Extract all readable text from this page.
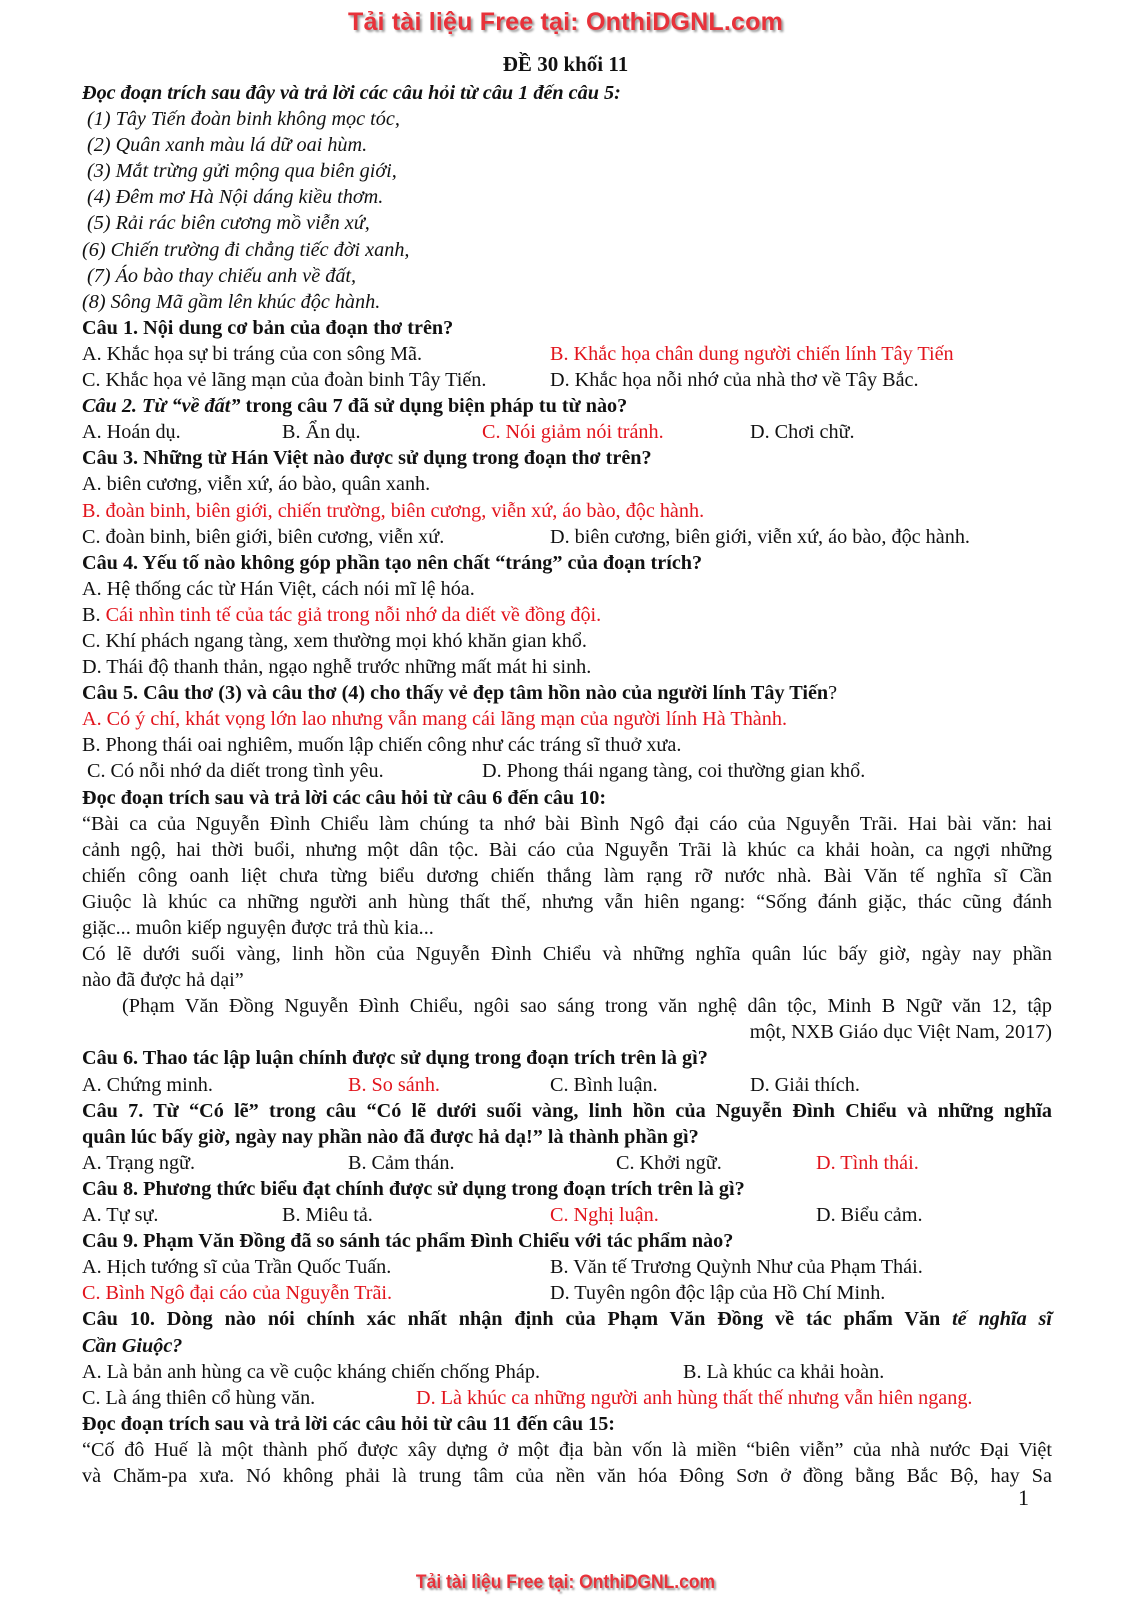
Tải tài liệu Free tại: OnthiDGNL.com
ĐỀ 30 khối 11
Đọc đoạn trích sau đây và trả lời các câu hỏi từ câu 1 đến câu 5:
(1) Tây Tiến đoàn binh không mọc tóc,
(2) Quân xanh màu lá dữ oai hùm.
(3) Mắt trừng gửi mộng qua biên giới,
(4) Đêm mơ Hà Nội dáng kiều thơm.
(5) Rải rác biên cương mồ viễn xứ,
(6) Chiến trường đi chẳng tiếc đời xanh,
(7) Áo bào thay chiếu anh về đất,
(8) Sông Mã gầm lên khúc độc hành.
Câu 1. Nội dung cơ bản của đoạn thơ trên?
A. Khắc họa sự bi tráng của con sông Mã.	B. Khắc họa chân dung người chiến lính Tây Tiến
C. Khắc họa vẻ lãng mạn của đoàn binh Tây Tiến.	D. Khắc họa nỗi nhớ của nhà thơ về Tây Bắc.
Câu 2. Từ “về đất” trong câu 7 đã sử dụng biện pháp tu từ nào?
A. Hoán dụ.	B. Ẩn dụ.	C. Nói giảm nói tránh.	D. Chơi chữ.
Câu 3. Những từ Hán Việt nào được sử dụng trong đoạn thơ trên?
A. biên cương, viễn xứ, áo bào, quân xanh.
B. đoàn binh, biên giới, chiến trường, biên cương, viễn xứ, áo bào, độc hành.
C. đoàn binh, biên giới, biên cương, viễn xứ.	D. biên cương, biên giới, viễn xứ, áo bào, độc hành.
Câu 4. Yếu tố nào không góp phần tạo nên chất “tráng” của đoạn trích?
A. Hệ thống các từ Hán Việt, cách nói mĩ lệ hóa.
B. Cái nhìn tinh tế của tác giả trong nỗi nhớ da diết về đồng đội.
C. Khí phách ngang tàng, xem thường mọi khó khăn gian khổ.
D. Thái độ thanh thản, ngạo nghễ trước những mất mát hi sinh.
Câu 5. Câu thơ (3) và câu thơ (4) cho thấy vẻ đẹp tâm hồn nào của người lính Tây Tiến?
A. Có ý chí, khát vọng lớn lao nhưng vẫn mang cái lãng mạn của người lính Hà Thành.
B. Phong thái oai nghiêm, muốn lập chiến công như các tráng sĩ thuở xưa.
C. Có nỗi nhớ da diết trong tình yêu.	D. Phong thái ngang tàng, coi thường gian khổ.
Đọc đoạn trích sau và trả lời các câu hỏi từ câu 6 đến câu 10:
“Bài ca của Nguyễn Đình Chiểu làm chúng ta nhớ bài Bình Ngô đại cáo của Nguyễn Trãi. Hai bài văn: hai
cảnh ngộ, hai thời buổi, nhưng một dân tộc. Bài cáo của Nguyễn Trãi là khúc ca khải hoàn, ca ngợi những
chiến công oanh liệt chưa từng biểu dương chiến thắng làm rạng rỡ nước nhà. Bài Văn tế nghĩa sĩ Cần
Giuộc là khúc ca những người anh hùng thất thế, nhưng vẫn hiên ngang: “Sống đánh giặc, thác cũng đánh
giặc... muôn kiếp nguyện được trả thù kia...
Có lẽ dưới suối vàng, linh hồn của Nguyễn Đình Chiểu và những nghĩa quân lúc bấy giờ, ngày nay phần
nào đã được hả dại”
(Phạm Văn Đồng Nguyễn Đình Chiểu, ngôi sao sáng trong văn nghệ dân tộc, Minh B Ngữ văn 12, tập
một, NXB Giáo dục Việt Nam, 2017)
Câu 6. Thao tác lập luận chính được sử dụng trong đoạn trích trên là gì?
A. Chứng minh.	B. So sánh.	C. Bình luận.	D. Giải thích.
Câu 7. Từ “Có lẽ” trong câu “Có lẽ dưới suối vàng, linh hồn của Nguyễn Đình Chiểu và những nghĩa
quân lúc bấy giờ, ngày nay phần nào đã được hả dạ!” là thành phần gì?
A. Trạng ngữ.	B. Cảm thán.	C. Khởi ngữ.	D. Tình thái.
Câu 8. Phương thức biểu đạt chính được sử dụng trong đoạn trích trên là gì?
A. Tự sự.	B. Miêu tả.	C. Nghị luận.	D. Biểu cảm.
Câu 9. Phạm Văn Đồng đã so sánh tác phẩm Đình Chiểu với tác phẩm nào?
A. Hịch tướng sĩ của Trần Quốc Tuấn.	B. Văn tế Trương Quỳnh Như của Phạm Thái.
C. Bình Ngô đại cáo của Nguyễn Trãi.	D. Tuyên ngôn độc lập của Hồ Chí Minh.
Câu 10. Dòng nào nói chính xác nhất nhận định của Phạm Văn Đồng về tác phẩm Văn tế nghĩa sĩ
Cần Giuộc?
A. Là bản anh hùng ca về cuộc kháng chiến chống Pháp.	B. Là khúc ca khải hoàn.
C. Là áng thiên cổ hùng văn.	D. Là khúc ca những người anh hùng thất thế nhưng vẫn hiên ngang.
Đọc đoạn trích sau và trả lời các câu hỏi từ câu 11 đến câu 15:
“Cố đô Huế là một thành phố được xây dựng ở một địa bàn vốn là miền “biên viễn” của nhà nước Đại Việt
và Chăm-pa xưa. Nó không phải là trung tâm của nền văn hóa Đông Sơn ở đồng bằng Bắc Bộ, hay Sa
1
Tải tài liệu Free tại: OnthiDGNL.com
